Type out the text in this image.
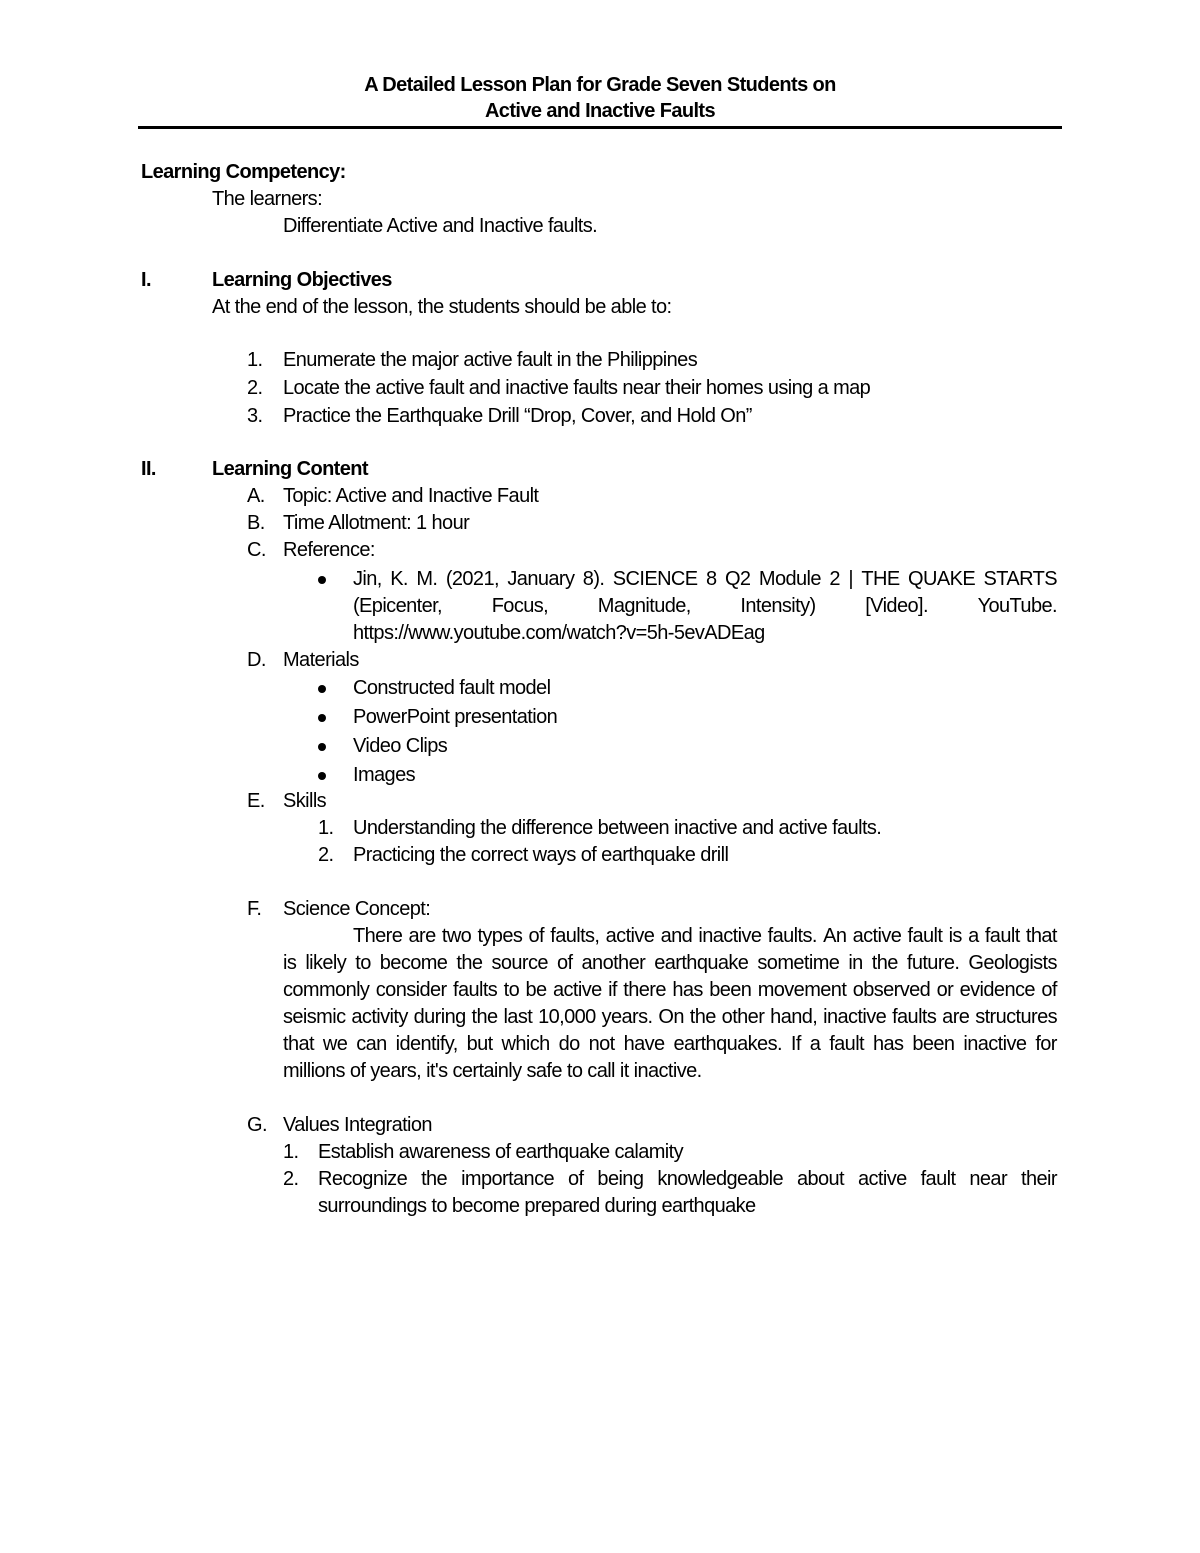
A Detailed Lesson Plan for Grade Seven Students on
Active and Inactive Faults
Learning Competency:
The learners:
Differentiate Active and Inactive faults.
I.	Learning Objectives
At the end of the lesson, the students should be able to:
1. Enumerate the major active fault in the Philippines
2. Locate the active fault and inactive faults near their homes using a map
3. Practice the Earthquake Drill “Drop, Cover, and Hold On”
II.	Learning Content
A. Topic: Active and Inactive Fault
B. Time Allotment: 1 hour
C. Reference:
Jin, K. M. (2021, January 8). SCIENCE 8 Q2 Module 2 | THE QUAKE STARTS
(Epicenter, Focus, Magnitude, Intensity) [Video]. YouTube.
https://www.youtube.com/watch?v=5h-5evADEag
D. Materials
Constructed fault model
PowerPoint presentation
Video Clips
Images
E. Skills
1. Understanding the difference between inactive and active faults.
2. Practicing the correct ways of earthquake drill
F. Science Concept:
There are two types of faults, active and inactive faults. An active fault is a fault that
is likely to become the source of another earthquake sometime in the future. Geologists
commonly consider faults to be active if there has been movement observed or evidence of
seismic activity during the last 10,000 years. On the other hand, inactive faults are structures
that we can identify, but which do not have earthquakes. If a fault has been inactive for
millions of years, it's certainly safe to call it inactive.
G. Values Integration
1. Establish awareness of earthquake calamity
2. Recognize the importance of being knowledgeable about active fault near their
surroundings to become prepared during earthquake
